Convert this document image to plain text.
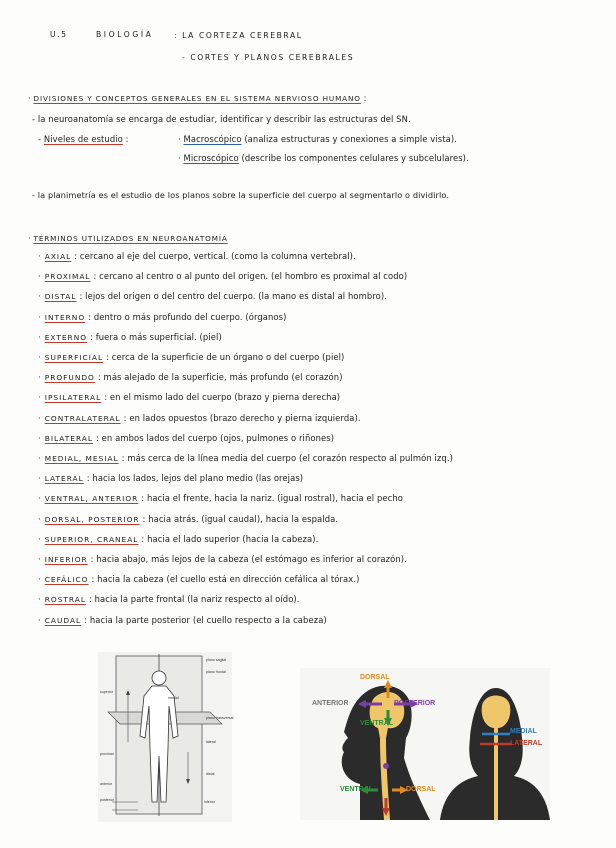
U.5	BIOLOGÍA	: LA CORTEZA CEREBRAL
- CORTES Y PLANOS CEREBRALES
· DIVISIONES Y CONCEPTOS GENERALES EN EL SISTEMA NERVIOSO HUMANO :
- la neuroanatomía se encarga de estudiar, identificar y describir las estructuras del SN.
- Niveles de estudio :	· Macroscópico (analiza estructuras y conexiones a simple vista).
· Microscópico (describe los componentes celulares y subcelulares).
- la planimetría es el estudio de los planos sobre la superficie del cuerpo al segmentarlo o dividirlo.
· TÉRMINOS UTILIZADOS EN NEUROANATOMÍA
· AXIAL : cercano al eje del cuerpo, vertical. (como la columna vertebral).
· PROXIMAL : cercano al centro o al punto del origen. (el hombro es proximal al codo)
· DISTAL : lejos del origen o del centro del cuerpo. (la mano es distal al hombro).
· INTERNO : dentro o más profundo del cuerpo. (órganos)
· EXTERNO : fuera o más superficial. (piel)
· SUPERFICIAL : cerca de la superficie de un órgano o del cuerpo (piel)
· PROFUNDO : más alejado de la superficie, más profundo (el corazón)
· IPSILATERAL : en el mismo lado del cuerpo (brazo y pierna derecha)
· CONTRALATERAL : en lados opuestos (brazo derecho y pierna izquierda).
· BILATERAL : en ambos lados del cuerpo (ojos, pulmones o riñones)
· MEDIAL, MESIAL : más cerca de la línea media del cuerpo (el corazón respecto al pulmón izq.)
· LATERAL : hacia los lados, lejos del plano medio (las orejas)
· VENTRAL, ANTERIOR : hacia el frente, hacia la nariz. (igual rostral), hacia el pecho
· DORSAL, POSTERIOR : hacia atrás. (igual caudal), hacia la espalda.
· SUPERIOR, CRANEAL : hacia el lado superior (hacia la cabeza).
· INFERIOR : hacia abajo, más lejos de la cabeza (el estómago es inferior al corazón).
· CEFÁLICO : hacia la cabeza (el cuello está en dirección cefálica al tórax.)
· ROSTRAL : hacia la parte frontal (la nariz respecto al oído).
· CAUDAL : hacia la parte posterior (el cuello respecto a la cabeza)
plano sagital
plano frontal
plano transversal
superior
medial
lateral
proximal
distal
anterior
posterior	inferior
DORSAL
ANTERIOR	POSTERIOR
VENTRAL
VENTRAL	DORSAL
MEDIAL
LATERAL
